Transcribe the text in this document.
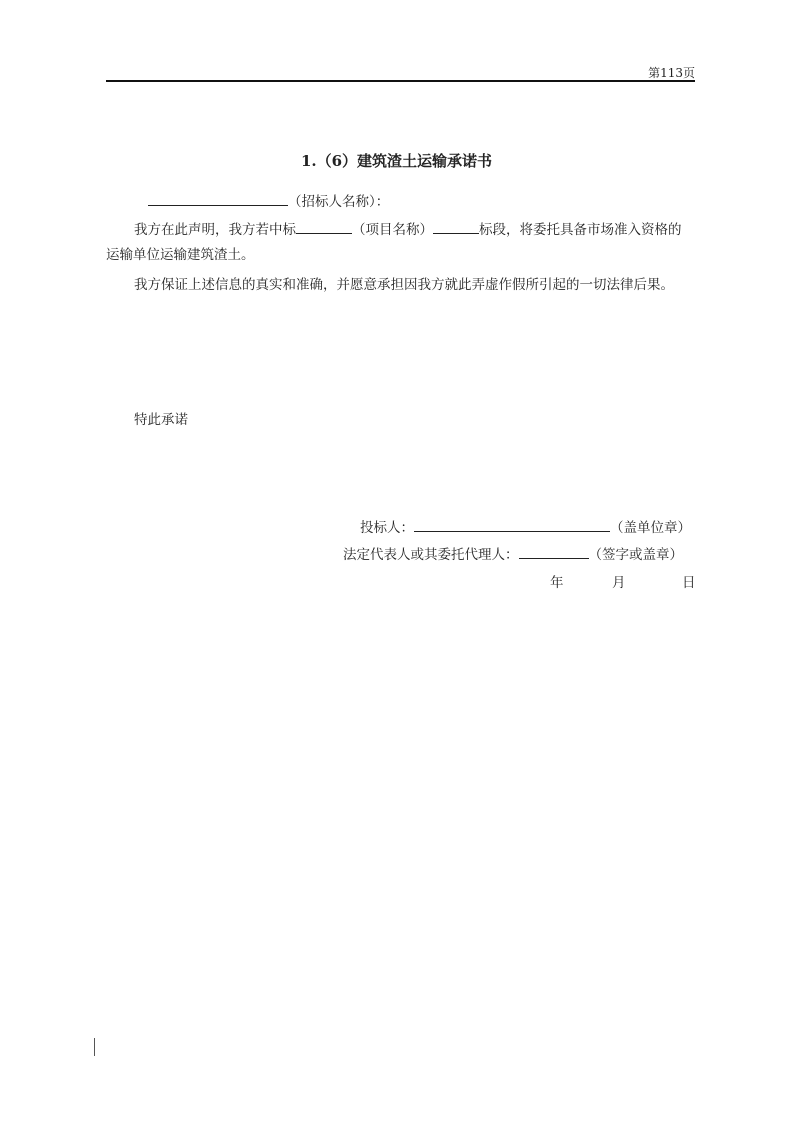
第113页
1.（6）建筑渣土运输承诺书
（招标人名称）：
我方在此声明，我方若中标	（项目名称）	标段，将委托具备市场准入资格的
运输单位运输建筑渣土。
我方保证上述信息的真实和准确，并愿意承担因我方就此弄虚作假所引起的一切法律后果。
特此承诺
投标人：	（盖单位章）
法定代表人或其委托代理人：	（签字或盖章）
年	月	日
